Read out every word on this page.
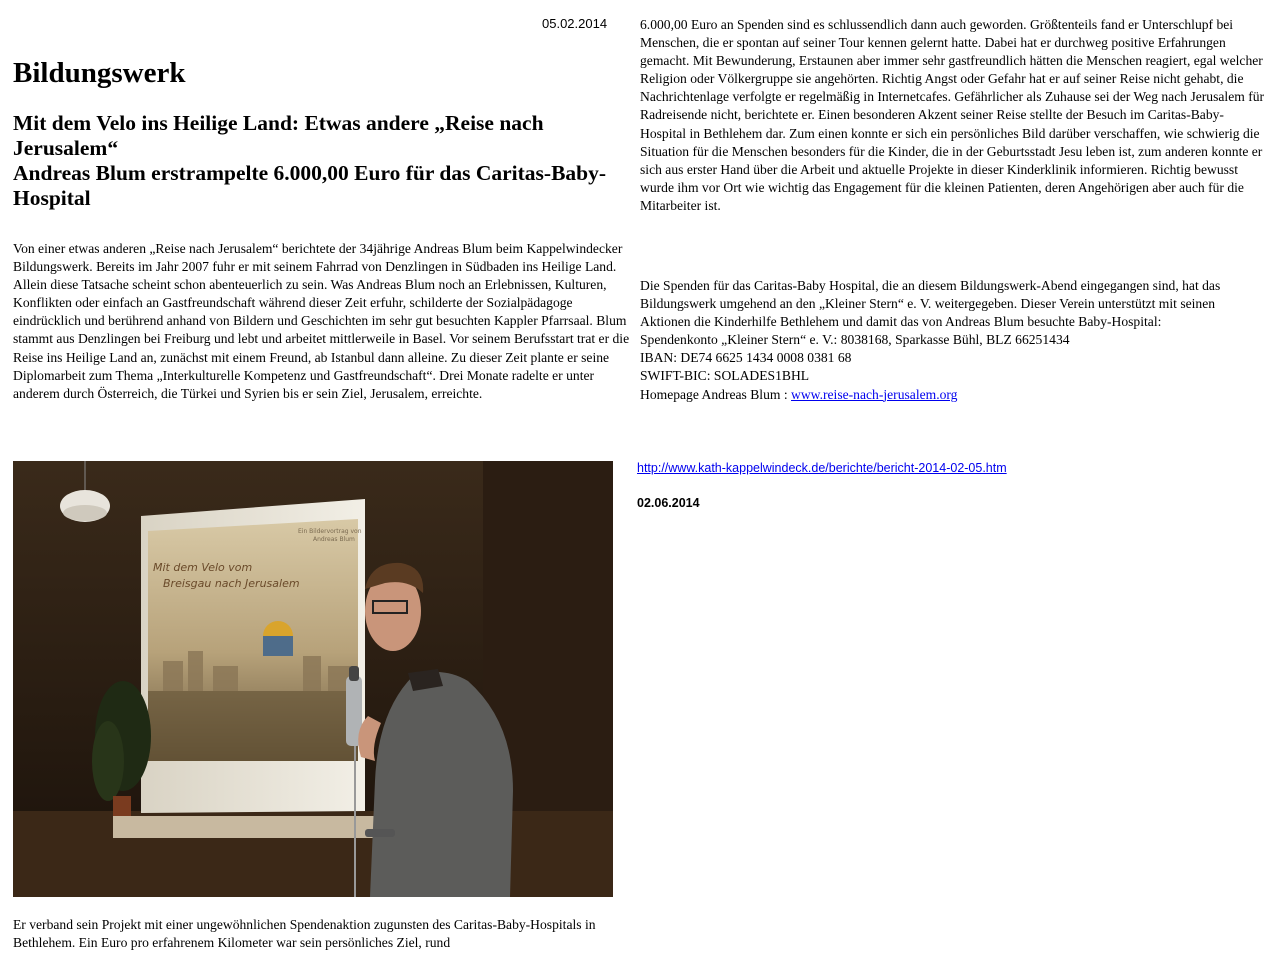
05.02.2014
Bildungswerk
Mit dem Velo ins Heilige Land: Etwas andere „Reise nach Jerusalem“
Andreas Blum erstrampelte 6.000,00 Euro für das Caritas-Baby-Hospital
Von einer etwas anderen „Reise nach Jerusalem“ berichtete der 34jährige Andreas Blum beim Kappelwindecker Bildungswerk. Bereits im Jahr 2007 fuhr er mit seinem Fahrrad von Denzlingen in Südbaden ins Heilige Land. Allein diese Tatsache scheint schon abenteuerlich zu sein. Was Andreas Blum noch an Erlebnissen, Kulturen, Konflikten oder einfach an Gastfreundschaft während dieser Zeit erfuhr, schilderte der Sozialpädagoge eindrücklich und berührend anhand von Bildern und Geschichten im sehr gut besuchten Kappler Pfarrsaal. Blum stammt aus Denzlingen bei Freiburg und lebt und arbeitet mittlerweile in Basel. Vor seinem Berufsstart trat er die Reise ins Heilige Land an, zunächst mit einem Freund, ab Istanbul dann alleine. Zu dieser Zeit plante er seine Diplomarbeit zum Thema „Interkulturelle Kompetenz und Gastfreundschaft“. Drei Monate radelte er unter anderem durch Österreich, die Türkei und Syrien bis er sein Ziel, Jerusalem, erreichte.
Mit dem Velo vom
Breisgau nach Jerusalem
Ein Bildervortrag von
Andreas Blum
Er verband sein Projekt mit einer ungewöhnlichen Spendenaktion zugunsten des Caritas-Baby-Hospitals in Bethlehem. Ein Euro pro erfahrenem Kilometer war sein persönliches Ziel, rund
6.000,00 Euro an Spenden sind es schlussendlich dann auch geworden. Größtenteils fand er Unterschlupf bei Menschen, die er spontan auf seiner Tour kennen gelernt hatte. Dabei hat er durchweg positive Erfahrungen gemacht. Mit Bewunderung, Erstaunen aber immer sehr gastfreundlich hätten die Menschen reagiert, egal welcher Religion oder Völkergruppe sie angehörten. Richtig Angst oder Gefahr hat er auf seiner Reise nicht gehabt, die Nachrichtenlage verfolgte er regelmäßig in Internetcafes. Gefährlicher als Zuhause sei der Weg nach Jerusalem für Radreisende nicht, berichtete er. Einen besonderen Akzent seiner Reise stellte der Besuch im Caritas-Baby-Hospital in Bethlehem dar. Zum einen konnte er sich ein persönliches Bild darüber verschaffen, wie schwierig die Situation für die Menschen besonders für die Kinder, die in der Geburtsstadt Jesu leben ist, zum anderen konnte er sich aus erster Hand über die Arbeit und aktuelle Projekte in dieser Kinderklinik informieren. Richtig bewusst wurde ihm vor Ort wie wichtig das Engagement für die kleinen Patienten, deren Angehörigen aber auch für die Mitarbeiter ist.
Die Spenden für das Caritas-Baby Hospital, die an diesem Bildungswerk-Abend eingegangen sind, hat das Bildungswerk umgehend an den „Kleiner Stern“ e. V. weitergegeben. Dieser Verein unterstützt mit seinen Aktionen die Kinderhilfe Bethlehem und damit das von Andreas Blum besuchte Baby-Hospital:
Spendenkonto „Kleiner Stern“ e. V.: 8038168, Sparkasse Bühl, BLZ 66251434
IBAN: DE74 6625 1434 0008 0381 68
SWIFT-BIC: SOLADES1BHL
Homepage Andreas Blum : www.reise-nach-jerusalem.org
http://www.kath-kappelwindeck.de/berichte/bericht-2014-02-05.htm
02.06.2014
